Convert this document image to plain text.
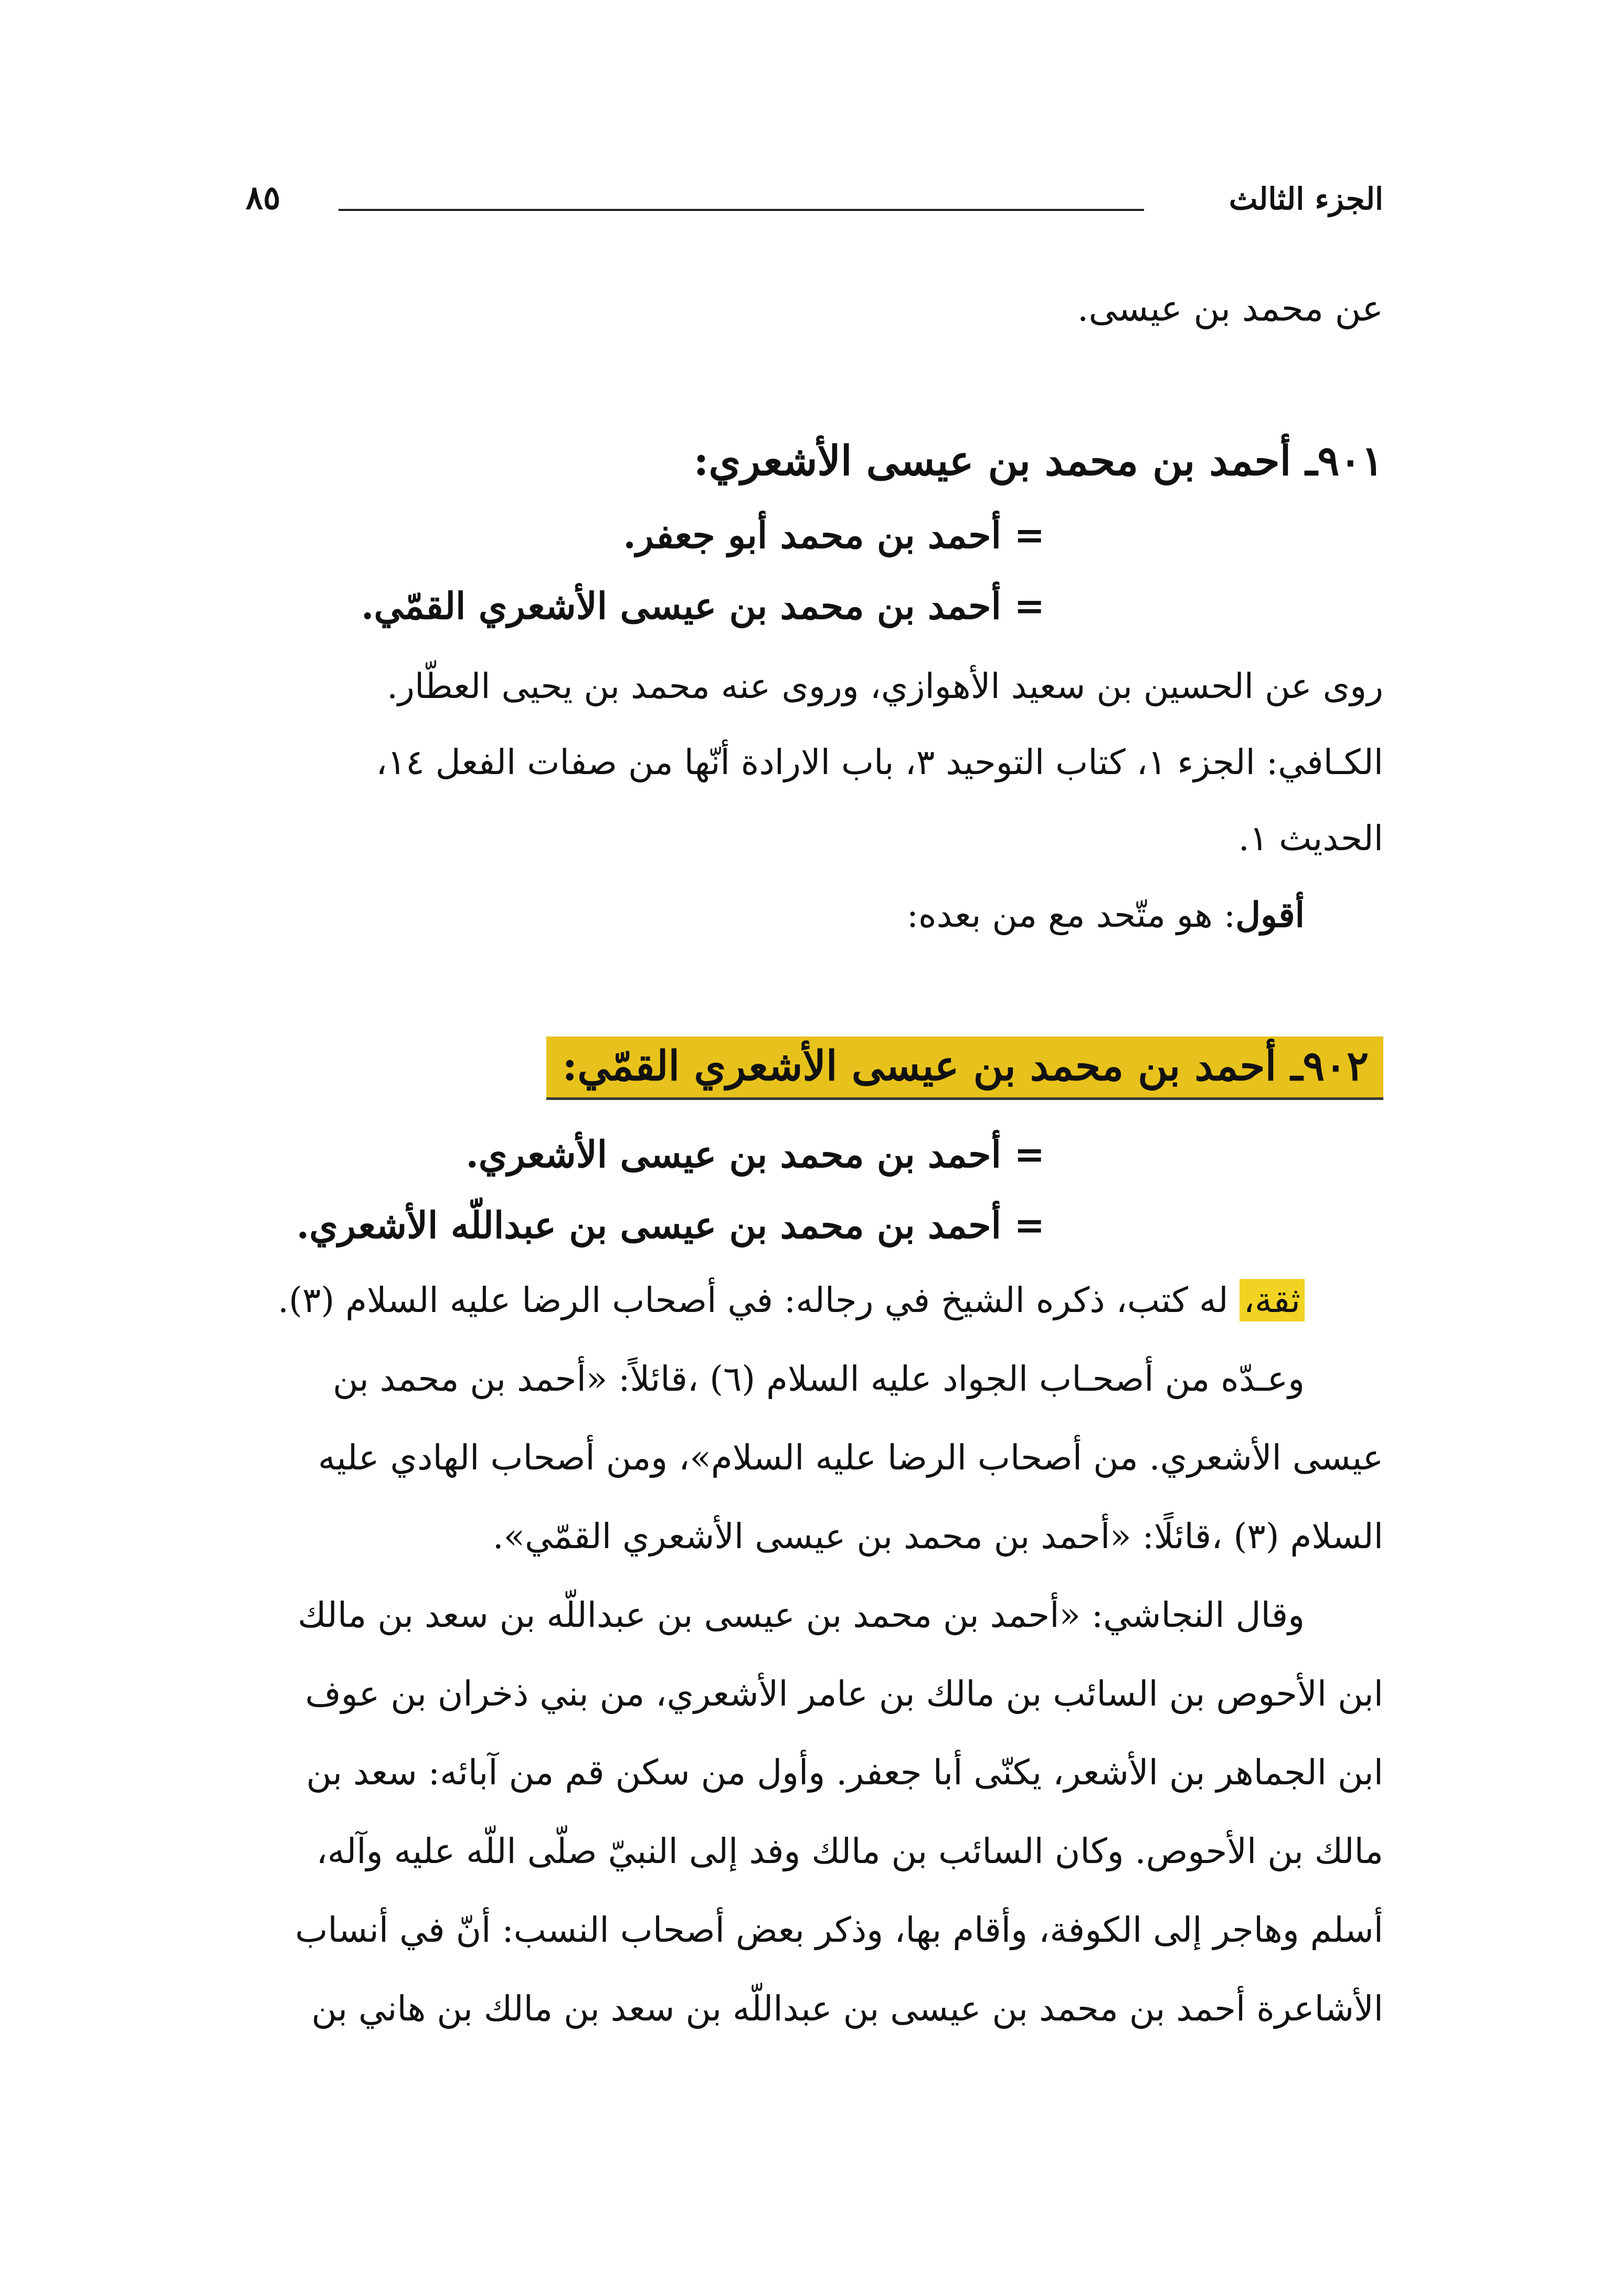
الجزء الثالث
٨٥
عن محمد بن عيسى.
٩٠١ـ أحمد بن محمد بن عيسى الأشعري:
= أحمد بن محمد أبو جعفر.
= أحمد بن محمد بن عيسى الأشعري القمّي.
روى عن الحسين بن سعيد الأهوازي، وروى عنه محمد بن يحيى العطّار.
الكـافي: الجزء ١، كتاب التوحيد ٣، باب الارادة أنّها من صفات الفعل ١٤،
الحديث ١.
أقول: هو متّحد مع من بعده:
٩٠٢ـ أحمد بن محمد بن عيسى الأشعري القمّي:
= أحمد بن محمد بن عيسى الأشعري.
= أحمد بن محمد بن عيسى بن عبداللّه الأشعري.
ثقة، له كتب، ذكره الشيخ في رجاله: في أصحاب الرضا عليه السلام (٣).
وعـدّه من أصحـاب الجواد عليه السلام (٦) ،قائلاً: «أحمد بن محمد بن
عيسى الأشعري. من أصحاب الرضا عليه السلام»، ومن أصحاب الهادي عليه
السلام (٣) ،قائلًا: «أحمد بن محمد بن عيسى الأشعري القمّي».
وقال النجاشي: «أحمد بن محمد بن عيسى بن عبداللّه بن سعد بن مالك
ابن الأحوص بن السائب بن مالك بن عامر الأشعري، من بني ذخران بن عوف
ابن الجماهر بن الأشعر، يكنّى أبا جعفر. وأول من سكن قم من آبائه: سعد بن
مالك بن الأحوص. وكان السائب بن مالك وفد إلى النبيّ صلّى اللّه عليه وآله،
أسلم وهاجر إلى الكوفة، وأقام بها، وذكر بعض أصحاب النسب: أنّ في أنساب
الأشاعرة أحمد بن محمد بن عيسى بن عبداللّه بن سعد بن مالك بن هاني بن
